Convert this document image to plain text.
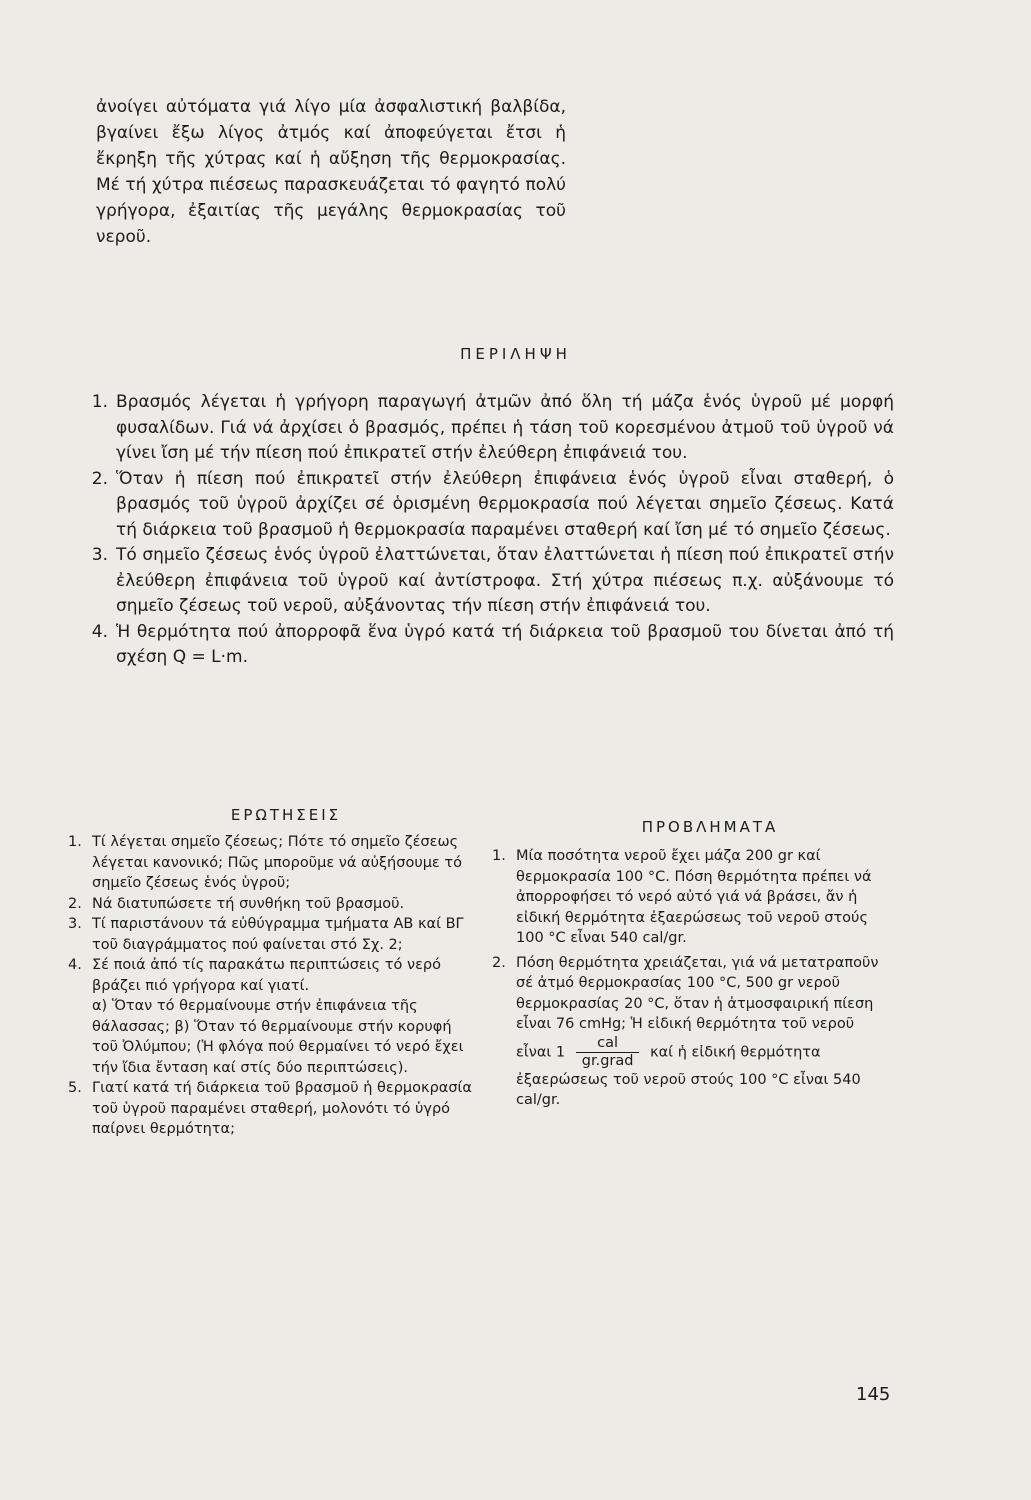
ἀνοίγει αὐτόματα γιά λίγο μία ἀσφαλιστική βαλβίδα, βγαίνει ἔξω λίγος ἀτμός καί ἀποφεύγεται ἔτσι ἡ ἔκρηξη τῆς χύτρας καί ἡ αὔξηση τῆς θερμοκρασίας. Μέ τή χύτρα πιέσεως παρασκευάζεται τό φαγητό πολύ γρήγορα, ἐξαιτίας τῆς μεγάλης θερμοκρασίας τοῦ νεροῦ.

ΠΕΡΙΛΗΨΗ
1. Βρασμός λέγεται ἡ γρήγορη παραγωγή ἀτμῶν ἀπό ὅλη τή μάζα ἑνός ὑγροῦ μέ μορφή φυσαλίδων. Γιά νά ἀρχίσει ὁ βρασμός, πρέπει ἡ τάση τοῦ κορεσμένου ἀτμοῦ τοῦ ὑγροῦ νά γίνει ἴση μέ τήν πίεση πού ἐπικρατεῖ στήν ἐλεύθερη ἐπιφάνειά του.
2. Ὅταν ἡ πίεση πού ἐπικρατεῖ στήν ἐλεύθερη ἐπιφάνεια ἑνός ὑγροῦ εἶναι σταθερή, ὁ βρασμός τοῦ ὑγροῦ ἀρχίζει σέ ὁρισμένη θερμοκρασία πού λέγεται σημεῖο ζέσεως. Κατά τή διάρκεια τοῦ βρασμοῦ ἡ θερμοκρασία παραμένει σταθερή καί ἴση μέ τό σημεῖο ζέσεως.
3. Τό σημεῖο ζέσεως ἑνός ὑγροῦ ἐλαττώνεται, ὅταν ἐλαττώνεται ἡ πίεση πού ἐπικρατεῖ στήν ἐλεύθερη ἐπιφάνεια τοῦ ὑγροῦ καί ἀντίστροφα. Στή χύτρα πιέσεως π.χ. αὐξάνουμε τό σημεῖο ζέσεως τοῦ νεροῦ, αὐξάνοντας τήν πίεση στήν ἐπιφάνειά του.
4. Ἡ θερμότητα πού ἀπορροφᾶ ἕνα ὑγρό κατά τή διάρκεια τοῦ βρασμοῦ του δίνεται ἀπό τή σχέση Q = L·m.
ΕΡΩΤΗΣΕΙΣ
ΠΡΟΒΛΗΜΑΤΑ
1. Τί λέγεται σημεῖο ζέσεως; Πότε τό σημεῖο ζέσεως λέγεται κανονικό; Πῶς μποροῦμε νά αὐξήσουμε τό σημεῖο ζέσεως ἑνός ὑγροῦ;
2. Νά διατυπώσετε τή συνθήκη τοῦ βρασμοῦ.
3. Τί παριστάνουν τά εὐθύγραμμα τμήματα ΑΒ καί ΒΓ τοῦ διαγράμματος πού φαίνεται στό Σχ. 2;
4. Σέ ποιά ἀπό τίς παρακάτω περιπτώσεις τό νερό βράζει πιό γρήγορα καί γιατί.

α) Ὅταν τό θερμαίνουμε στήν ἐπιφάνεια τῆς θάλασσας; β) Ὅταν τό θερμαίνουμε στήν κορυφή τοῦ Ὀλύμπου; (Ἡ φλόγα πού θερμαίνει τό νερό ἔχει τήν ἴδια ἔνταση καί στίς δύο περιπτώσεις).

5. Γιατί κατά τή διάρκεια τοῦ βρασμοῦ ἡ θερμοκρασία τοῦ ὑγροῦ παραμένει σταθερή, μολονότι τό ὑγρό παίρνει θερμότητα;
1. Μία ποσότητα νεροῦ ἔχει μάζα 200 gr καί θερμοκρασία 100 °C. Πόση θερμότητα πρέπει νά ἀπορροφήσει τό νερό αὐτό γιά νά βράσει, ἄν ἡ εἰδική θερμότητα ἐξαερώσεως τοῦ νεροῦ στούς 100 °C εἶναι 540 cal/gr.
2. Πόση θερμότητα χρειάζεται, γιά νά μετατραποῦν σέ ἀτμό θερμοκρασίας 100 °C, 500 gr νεροῦ θερμοκρασίας 20 °C, ὅταν ἡ ἀτμοσφαιρική πίεση εἶναι 76 cmHg; Ἡ εἰδική θερμότητα τοῦ νεροῦ

εἶναι $1 \frac{\text{cal}}{\text{gr.grad}}$ καί ἡ εἰδική θερμότητα

ἐξαερώσεως τοῦ νεροῦ στούς 100 °C εἶναι 540 cal/gr.

145
